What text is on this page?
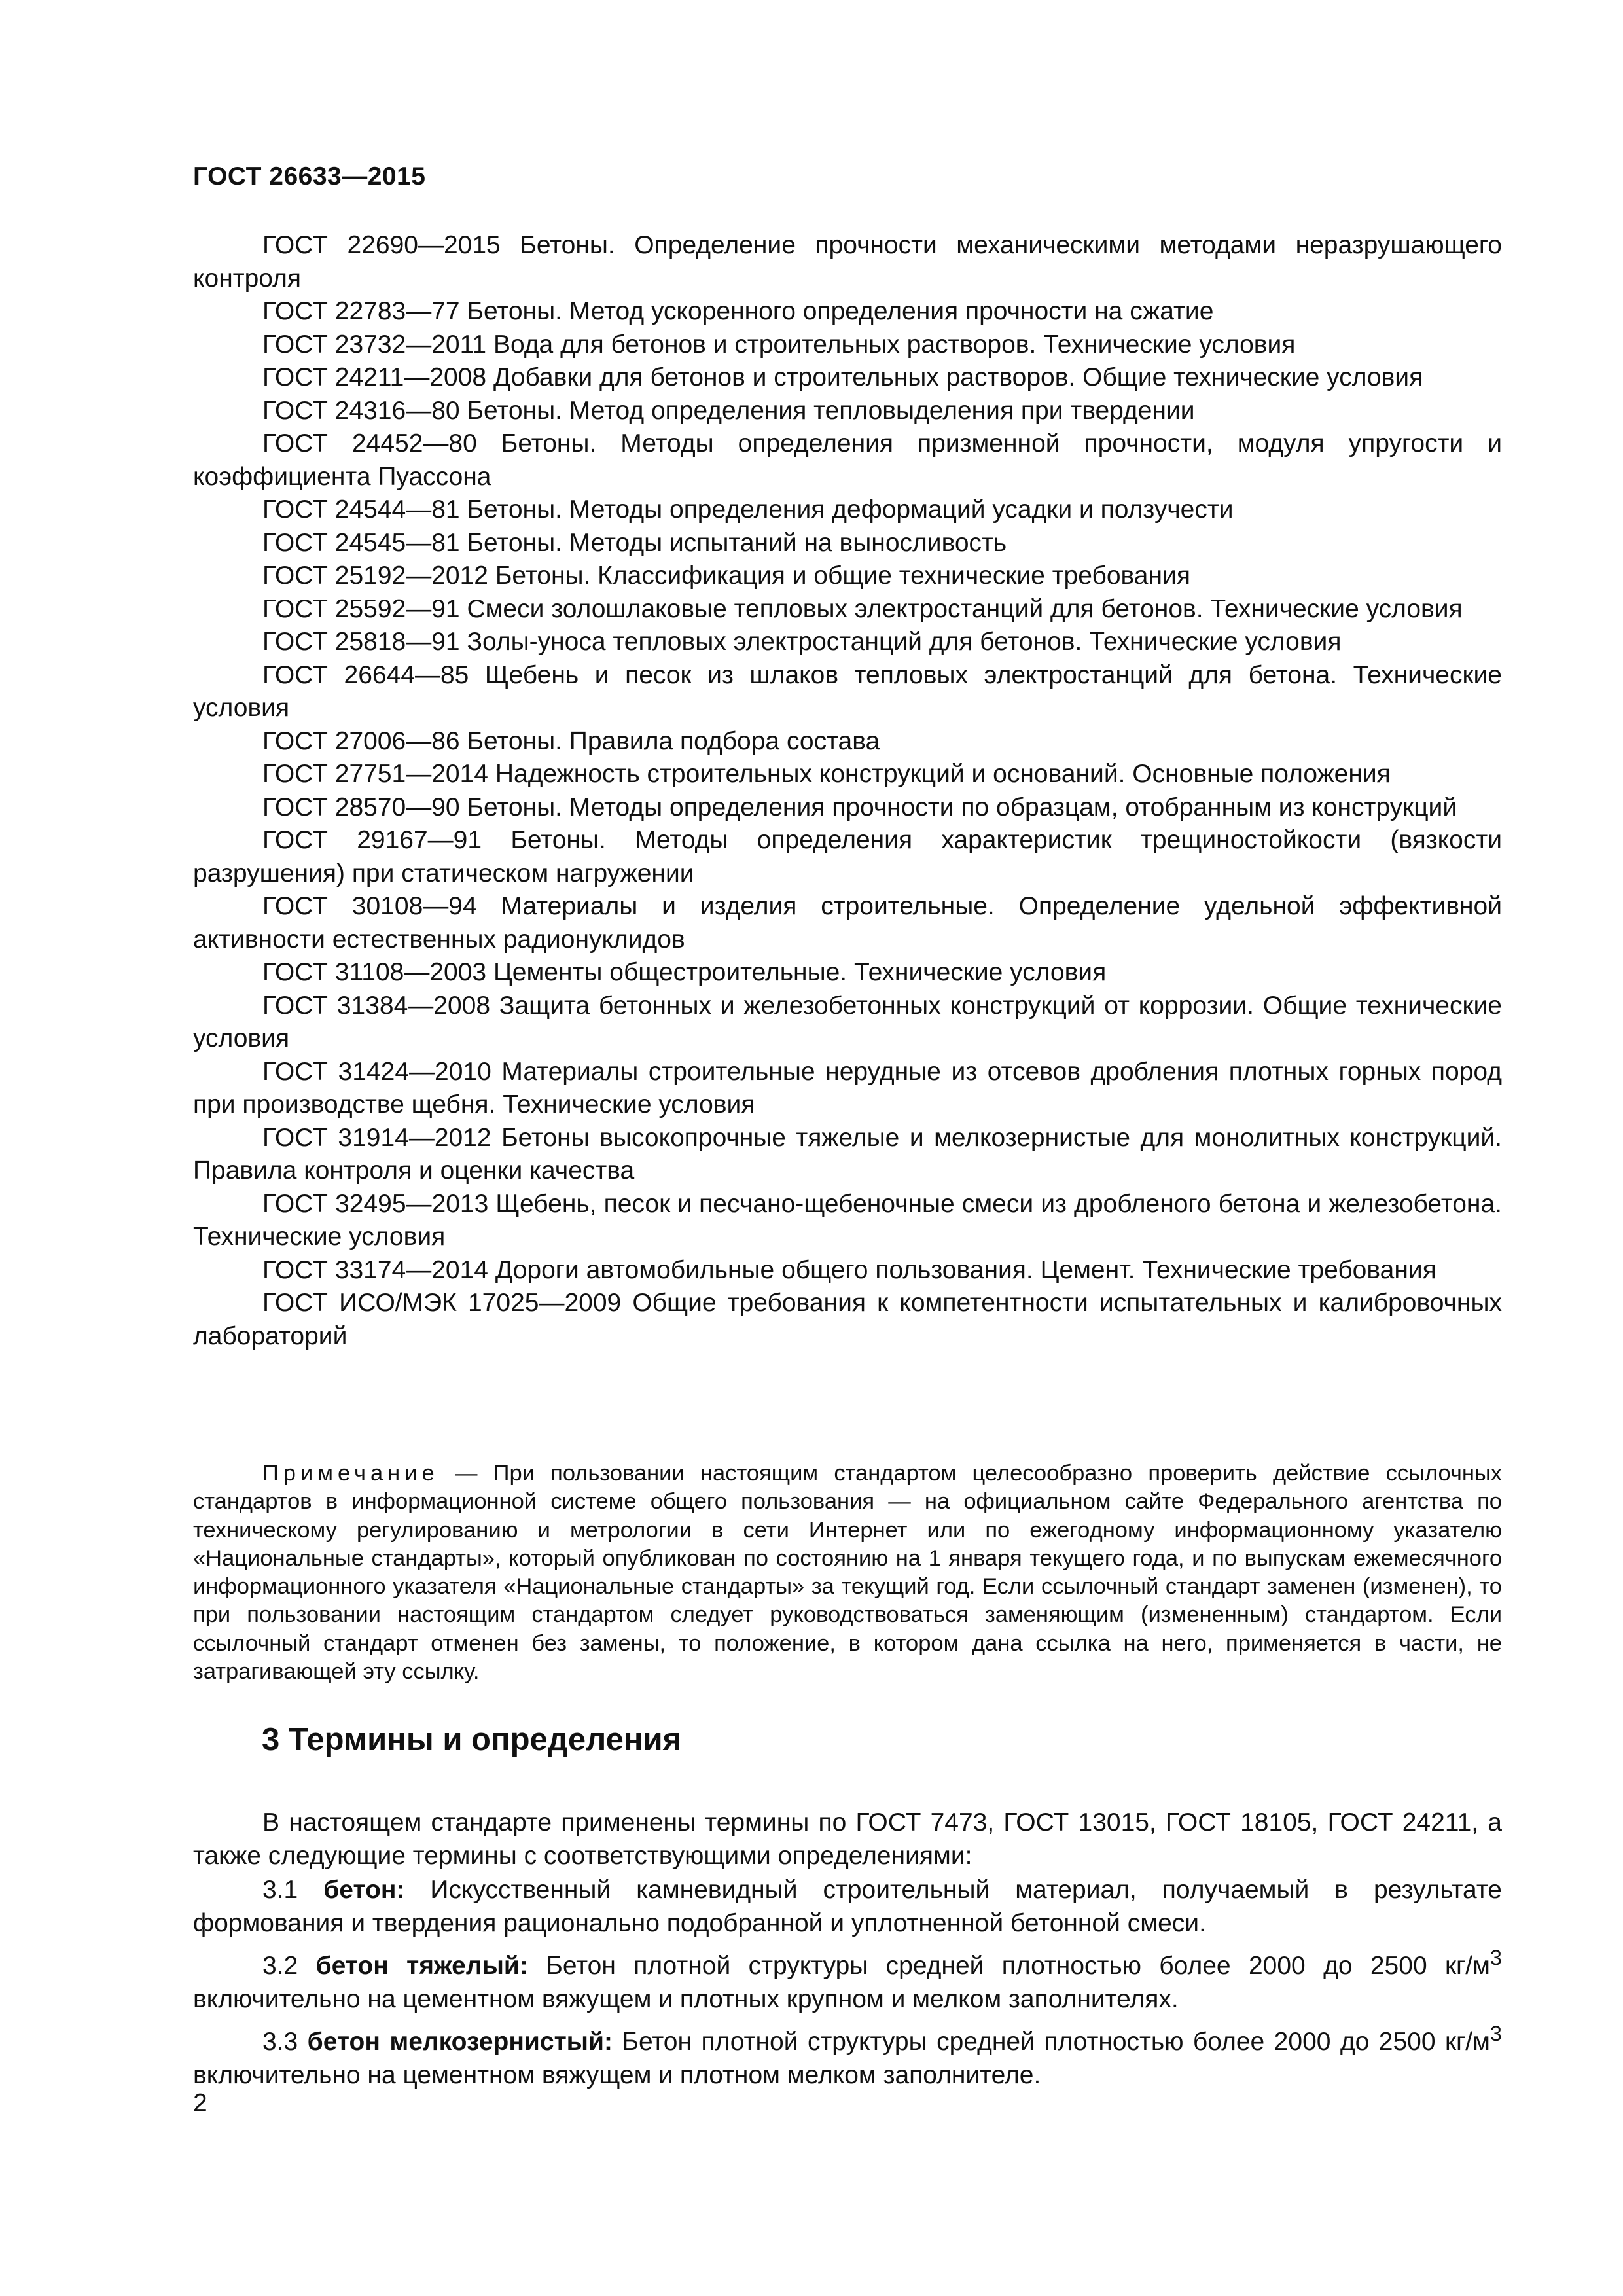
ГОСТ 26633—2015

ГОСТ 22690—2015 Бетоны. Определение прочности механическими методами неразрушающего контроля

ГОСТ 22783—77 Бетоны. Метод ускоренного определения прочности на сжатие

ГОСТ 23732—2011 Вода для бетонов и строительных растворов. Технические условия

ГОСТ 24211—2008 Добавки для бетонов и строительных растворов. Общие технические условия

ГОСТ 24316—80 Бетоны. Метод определения тепловыделения при твердении

ГОСТ 24452—80 Бетоны. Методы определения призменной прочности, модуля упругости и коэффициента Пуассона

ГОСТ 24544—81 Бетоны. Методы определения деформаций усадки и ползучести

ГОСТ 24545—81 Бетоны. Методы испытаний на выносливость

ГОСТ 25192—2012 Бетоны. Классификация и общие технические требования

ГОСТ 25592—91 Смеси золошлаковые тепловых электростанций для бетонов. Технические условия

ГОСТ 25818—91 Золы-уноса тепловых электростанций для бетонов. Технические условия

ГОСТ 26644—85 Щебень и песок из шлаков тепловых электростанций для бетона. Технические условия

ГОСТ 27006—86 Бетоны. Правила подбора состава

ГОСТ 27751—2014 Надежность строительных конструкций и оснований. Основные положения

ГОСТ 28570—90 Бетоны. Методы определения прочности по образцам, отобранным из конструкций

ГОСТ 29167—91 Бетоны. Методы определения характеристик трещиностойкости (вязкости разрушения) при статическом нагружении

ГОСТ 30108—94 Материалы и изделия строительные. Определение удельной эффективной активности естественных радионуклидов

ГОСТ 31108—2003 Цементы общестроительные. Технические условия

ГОСТ 31384—2008 Защита бетонных и железобетонных конструкций от коррозии. Общие технические условия

ГОСТ 31424—2010 Материалы строительные нерудные из отсевов дробления плотных горных пород при производстве щебня. Технические условия

ГОСТ 31914—2012 Бетоны высокопрочные тяжелые и мелкозернистые для монолитных конструкций. Правила контроля и оценки качества

ГОСТ 32495—2013 Щебень, песок и песчано-щебеночные смеси из дробленого бетона и железобетона. Технические условия

ГОСТ 33174—2014 Дороги автомобильные общего пользования. Цемент. Технические требования

ГОСТ ИСО/МЭК 17025—2009 Общие требования к компетентности испытательных и калибровочных лабораторий

Примечание — При пользовании настоящим стандартом целесообразно проверить действие ссылочных стандартов в информационной системе общего пользования — на официальном сайте Федерального агентства по техническому регулированию и метрологии в сети Интернет или по ежегодному информационному указателю «Национальные стандарты», который опубликован по состоянию на 1 января текущего года, и по выпускам ежемесячного информационного указателя «Национальные стандарты» за текущий год. Если ссылочный стандарт заменен (изменен), то при пользовании настоящим стандартом следует руководствоваться заменяющим (измененным) стандартом. Если ссылочный стандарт отменен без замены, то положение, в котором дана ссылка на него, применяется в части, не затрагивающей эту ссылку.

3 Термины и определения

В настоящем стандарте применены термины по ГОСТ 7473, ГОСТ 13015, ГОСТ 18105, ГОСТ 24211, а также следующие термины с соответствующими определениями:

3.1 бетон: Искусственный камневидный строительный материал, получаемый в результате формования и твердения рационально подобранной и уплотненной бетонной смеси.

3.2 бетон тяжелый: Бетон плотной структуры средней плотностью более 2000 до 2500 $кг/м^3$ включительно на цементном вяжущем и плотных крупном и мелком заполнителях.

3.3 бетон мелкозернистый: Бетон плотной структуры средней плотностью более 2000 до 2500 $кг/м^3$ включительно на цементном вяжущем и плотном мелком заполнителе.

2
